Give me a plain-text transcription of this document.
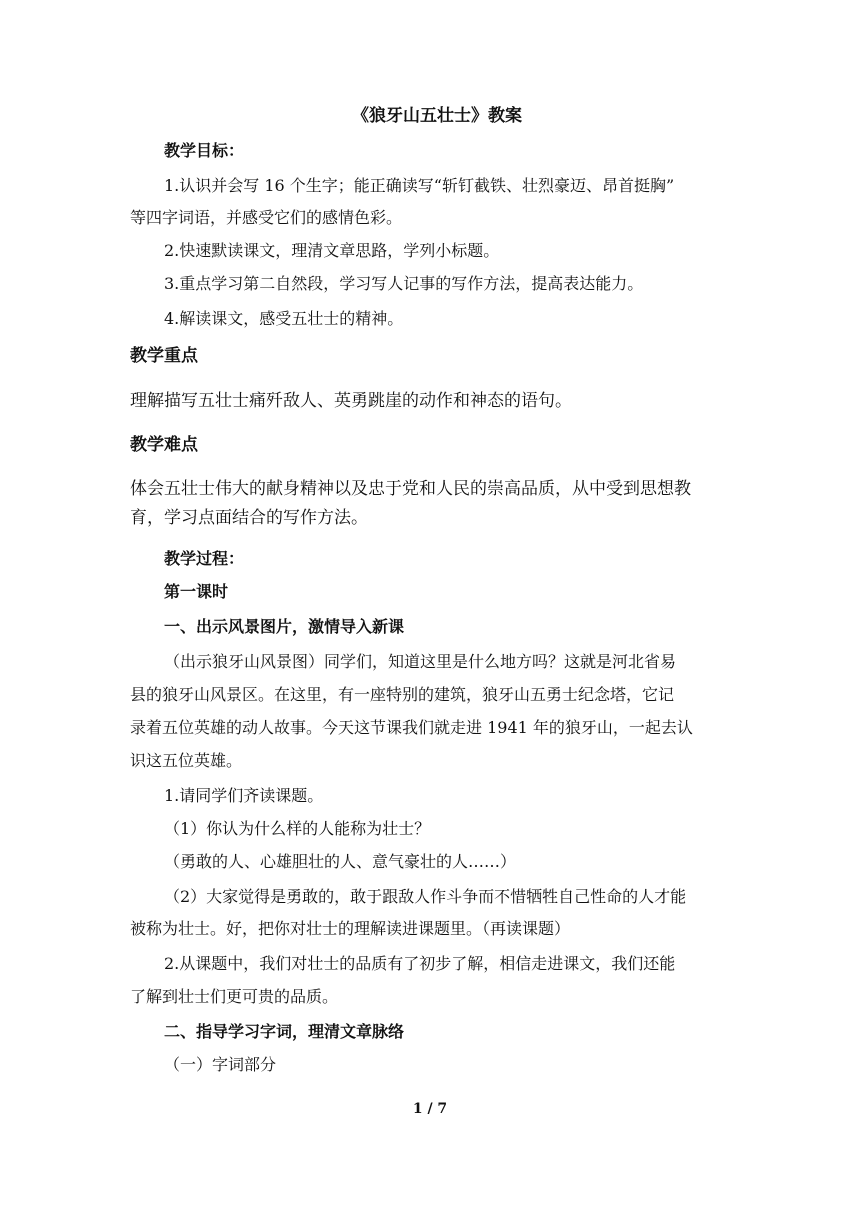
《狼牙山五壮士》教案
教学目标：
1.认识并会写 16 个生字；能正确读写“斩钉截铁、壮烈豪迈、昂首挺胸”
等四字词语，并感受它们的感情色彩。
2.快速默读课文，理清文章思路，学列小标题。
3.重点学习第二自然段，学习写人记事的写作方法，提高表达能力。
4.解读课文，感受五壮士的精神。
教学重点
理解描写五壮士痛歼敌人、英勇跳崖的动作和神态的语句。
教学难点
体会五壮士伟大的献身精神以及忠于党和人民的崇高品质，从中受到思想教
育，学习点面结合的写作方法。
教学过程：
第一课时
一、出示风景图片，激情导入新课
（出示狼牙山风景图）同学们，知道这里是什么地方吗？这就是河北省易
县的狼牙山风景区。在这里，有一座特别的建筑，狼牙山五勇士纪念塔，它记
录着五位英雄的动人故事。今天这节课我们就走进 1941 年的狼牙山，一起去认
识这五位英雄。
1.请同学们齐读课题。
（1）你认为什么样的人能称为壮士？
（勇敢的人、心雄胆壮的人、意气豪壮的人……）
（2）大家觉得是勇敢的，敢于跟敌人作斗争而不惜牺牲自己性命的人才能
被称为壮士。好，把你对壮士的理解读进课题里。（再读课题）
2.从课题中，我们对壮士的品质有了初步了解，相信走进课文，我们还能
了解到壮士们更可贵的品质。
二、指导学习字词，理清文章脉络
（一）字词部分
1 / 7
